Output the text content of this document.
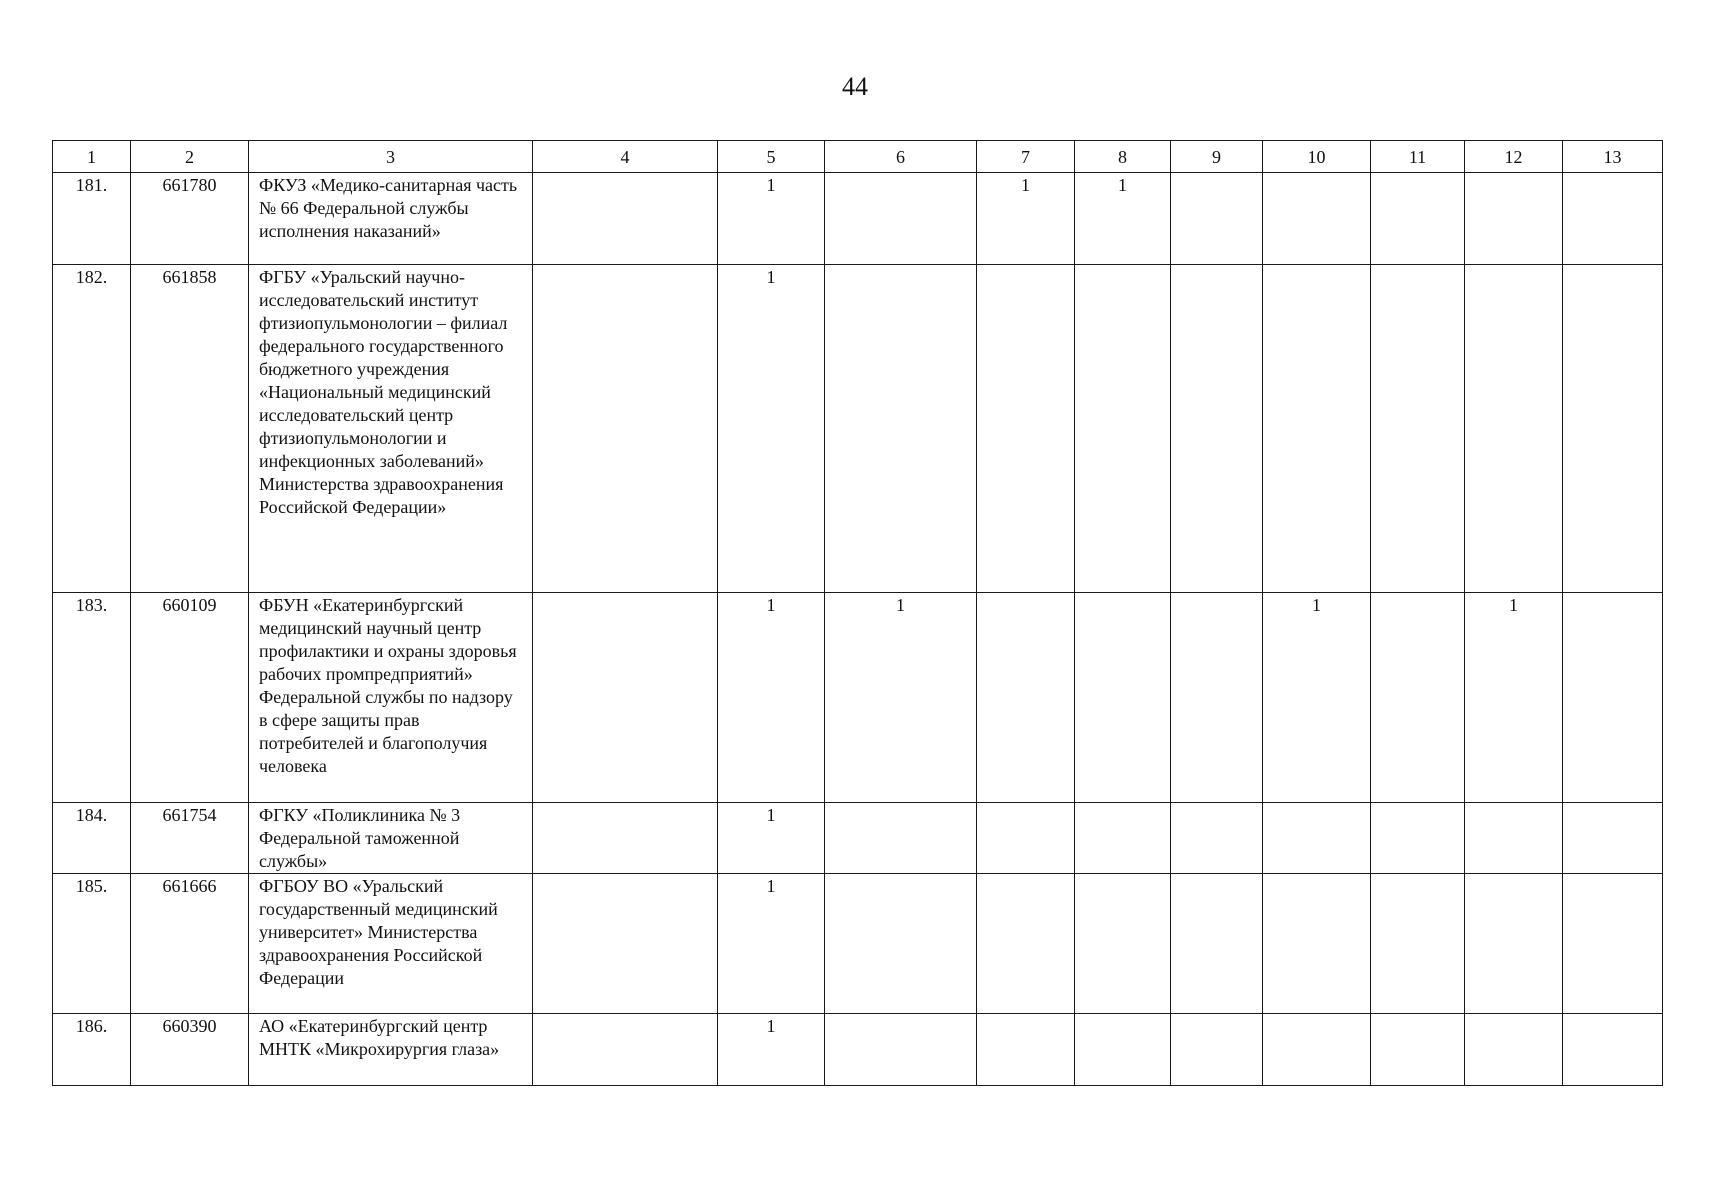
44
1	2	3	4	5	6	7	8	9	10	11	12	13
181.	661780	ФКУЗ «Медико-санитарная часть № 66 Федеральной службы исполнения наказаний»		1		1	1					
182.	661858	ФГБУ «Уральский научно-исследовательский институт фтизиопульмонологии – филиал федерального государственного бюджетного учреждения «Национальный медицинский исследовательский центр фтизиопульмонологии и инфекционных заболеваний» Министерства здравоохранения Российской Федерации»		1								
183.	660109	ФБУН «Екатеринбургский медицинский научный центр профилактики и охраны здоровья рабочих промпредприятий» Федеральной службы по надзору в сфере защиты прав потребителей и благополучия человека		1	1				1		1	
184.	661754	ФГКУ «Поликлиника № 3 Федеральной таможенной службы»		1								
185.	661666	ФГБОУ ВО «Уральский государственный медицинский университет» Министерства здравоохранения Российской Федерации		1								
186.	660390	АО «Екатеринбургский центр МНТК «Микрохирургия глаза»		1								
